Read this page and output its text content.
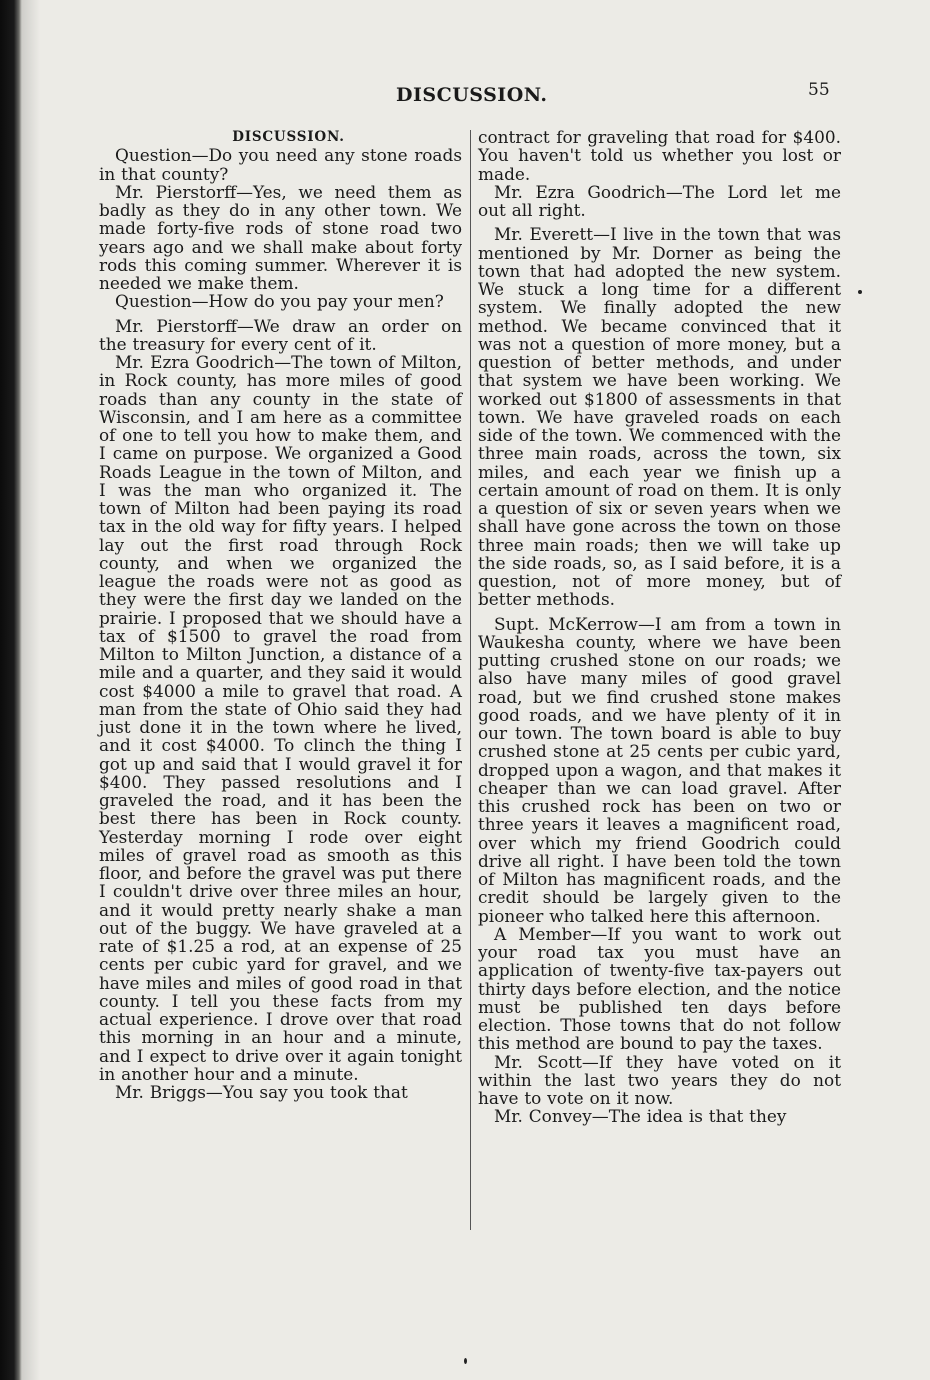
DISCUSSION.	55

DISCUSSION.

Question—Do you need any stone roads in that county?

Mr. Pierstorff—Yes, we need them as badly as they do in any other town. We made forty-five rods of stone road two years ago and we shall make about forty rods this coming summer. Wherever it is needed we make them.

Question—How do you pay your men?

Mr. Pierstorff—We draw an order on the treasury for every cent of it.

Mr. Ezra Goodrich—The town of Milton, in Rock county, has more miles of good roads than any county in the state of Wisconsin, and I am here as a committee of one to tell you how to make them, and I came on purpose. We organized a Good Roads League in the town of Milton, and I was the man who organized it. The town of Milton had been paying its road tax in the old way for fifty years. I helped lay out the first road through Rock county, and when we organized the league the roads were not as good as they were the first day we landed on the prairie. I proposed that we should have a tax of $1500 to gravel the road from Milton to Milton Junction, a distance of a mile and a quarter, and they said it would cost $4000 a mile to gravel that road. A man from the state of Ohio said they had just done it in the town where he lived, and it cost $4000. To clinch the thing I got up and said that I would gravel it for $400. They passed resolutions and I graveled the road, and it has been the best there has been in Rock county. Yesterday morning I rode over eight miles of gravel road as smooth as this floor, and before the gravel was put there I couldn't drive over three miles an hour, and it would pretty nearly shake a man out of the buggy. We have graveled at a rate of $1.25 a rod, at an expense of 25 cents per cubic yard for gravel, and we have miles and miles of good road in that county. I tell you these facts from my actual experience. I drove over that road this morning in an hour and a minute, and I expect to drive over it again tonight in another hour and a minute.

Mr. Briggs—You say you took that

contract for graveling that road for $400. You haven't told us whether you lost or made.

Mr. Ezra Goodrich—The Lord let me out all right.

Mr. Everett—I live in the town that was mentioned by Mr. Dorner as being the town that had adopted the new system. We stuck a long time for a different system. We finally adopted the new method. We became convinced that it was not a question of more money, but a question of better methods, and under that system we have been working. We worked out $1800 of assessments in that town. We have graveled roads on each side of the town. We commenced with the three main roads, across the town, six miles, and each year we finish up a certain amount of road on them. It is only a question of six or seven years when we shall have gone across the town on those three main roads; then we will take up the side roads, so, as I said before, it is a question, not of more money, but of better methods.

Supt. McKerrow—I am from a town in Waukesha county, where we have been putting crushed stone on our roads; we also have many miles of good gravel road, but we find crushed stone makes good roads, and we have plenty of it in our town. The town board is able to buy crushed stone at 25 cents per cubic yard, dropped upon a wagon, and that makes it cheaper than we can load gravel. After this crushed rock has been on two or three years it leaves a magnificent road, over which my friend Goodrich could drive all right. I have been told the town of Milton has magnificent roads, and the credit should be largely given to the pioneer who talked here this afternoon.

A Member—If you want to work out your road tax you must have an application of twenty-five tax-payers out thirty days before election, and the notice must be published ten days before election. Those towns that do not follow this method are bound to pay the taxes.

Mr. Scott—If they have voted on it within the last two years they do not have to vote on it now.

Mr. Convey—The idea is that they
